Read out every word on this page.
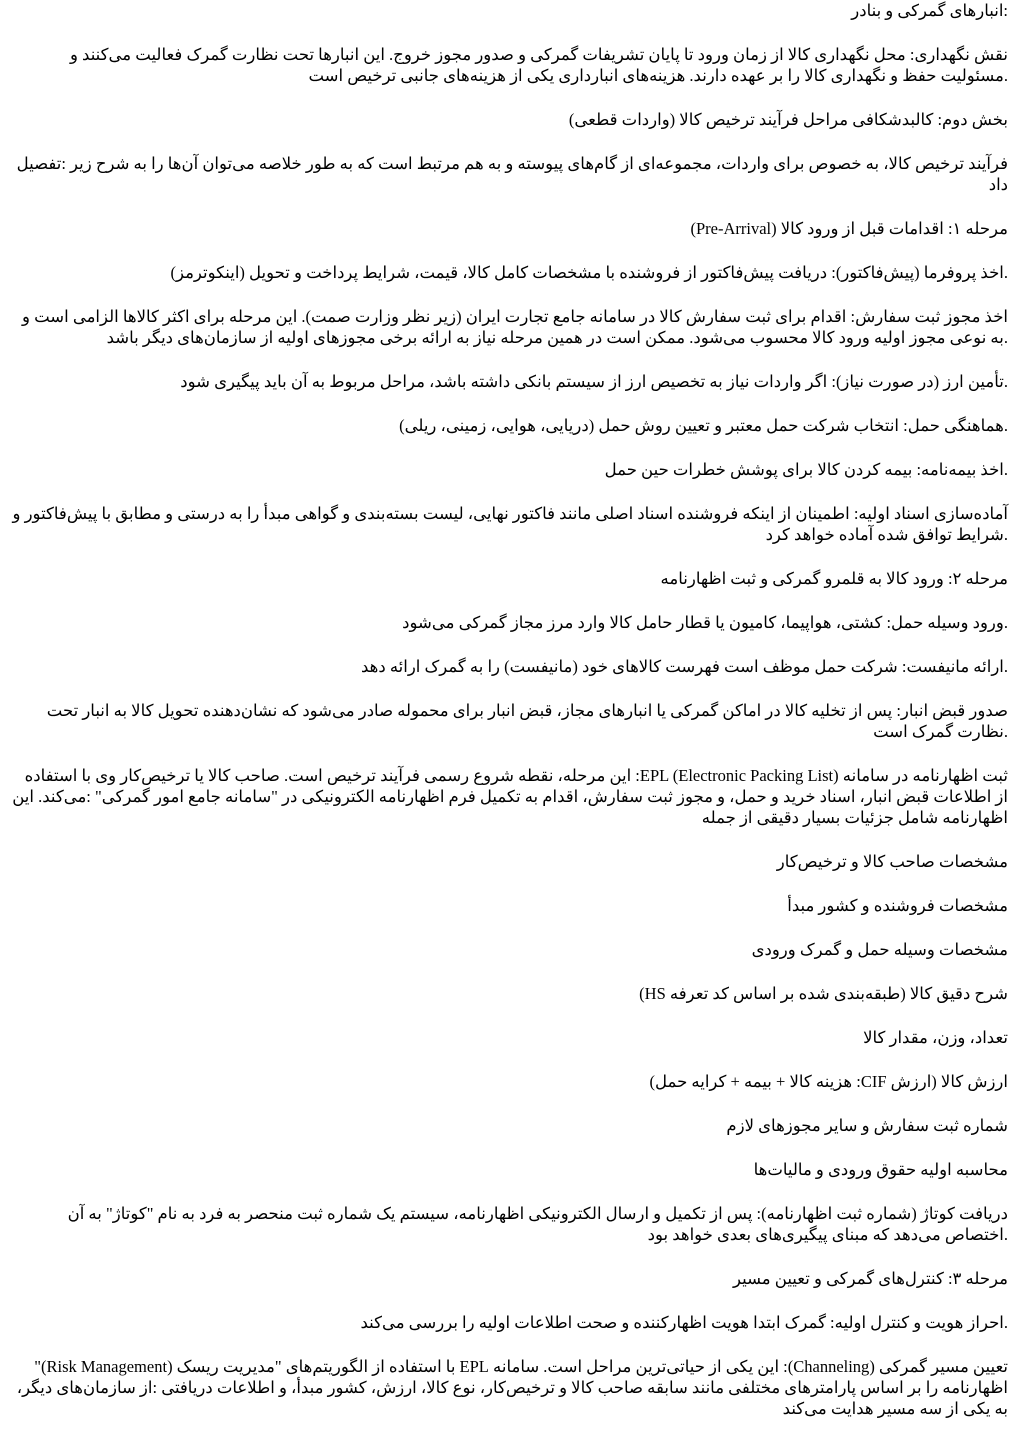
:انبارهای گمرکی و بنادر

نقش نگهداری: محل نگهداری کالا از زمان ورود تا پایان تشریفات گمرکی و صدور مجوز خروج. این انبارها تحت نظارت گمرک فعالیت می‌کنند و .مسئولیت حفظ و نگهداری کالا را بر عهده دارند. هزینه‌های انبارداری یکی از هزینه‌های جانبی ترخیص است

بخش دوم: کالبدشکافی مراحل فرآیند ترخیص کالا (واردات قطعی)

فرآیند ترخیص کالا، به خصوص برای واردات، مجموعه‌ای از گام‌های پیوسته و به هم مرتبط است که به طور خلاصه می‌توان آن‌ها را به شرح زیر :تفصیل داد

مرحله ۱: اقدامات قبل از ورود کالا (Pre-Arrival)

.اخذ پروفرما (پیش‌فاکتور): دریافت پیش‌فاکتور از فروشنده با مشخصات کامل کالا، قیمت، شرایط پرداخت و تحویل (اینکوترمز)

اخذ مجوز ثبت سفارش: اقدام برای ثبت سفارش کالا در سامانه جامع تجارت ایران (زیر نظر وزارت صمت). این مرحله برای اکثر کالاها الزامی است و .به نوعی مجوز اولیه ورود کالا محسوب می‌شود. ممکن است در همین مرحله نیاز به ارائه برخی مجوزهای اولیه از سازمان‌های دیگر باشد

.تأمین ارز (در صورت نیاز): اگر واردات نیاز به تخصیص ارز از سیستم بانکی داشته باشد، مراحل مربوط به آن باید پیگیری شود

.هماهنگی حمل: انتخاب شرکت حمل معتبر و تعیین روش حمل (دریایی، هوایی، زمینی، ریلی)

.اخذ بیمه‌نامه: بیمه کردن کالا برای پوشش خطرات حین حمل

آماده‌سازی اسناد اولیه: اطمینان از اینکه فروشنده اسناد اصلی مانند فاکتور نهایی، لیست بسته‌بندی و گواهی مبدأ را به درستی و مطابق با پیش‌فاکتور و .شرایط توافق شده آماده خواهد کرد

مرحله ۲: ورود کالا به قلمرو گمرکی و ثبت اظهارنامه

.ورود وسیله حمل: کشتی، هواپیما، کامیون یا قطار حامل کالا وارد مرز مجاز گمرکی می‌شود

.ارائه مانیفست: شرکت حمل موظف است فهرست کالاهای خود (مانیفست) را به گمرک ارائه دهد

صدور قبض انبار: پس از تخلیه کالا در اماکن گمرکی یا انبارهای مجاز، قبض انبار برای محموله صادر می‌شود که نشان‌دهنده تحویل کالا به انبار تحت .نظارت گمرک است

ثبت اظهارنامه در سامانه EPL (Electronic Packing List): این مرحله، نقطه شروع رسمی فرآیند ترخیص است. صاحب کالا یا ترخیص‌کار وی با استفاده از اطلاعات قبض انبار، اسناد خرید و حمل، و مجوز ثبت سفارش، اقدام به تکمیل فرم اظهارنامه الکترونیکی در "سامانه جامع امور گمرکی" :می‌کند. این اظهارنامه شامل جزئیات بسیار دقیقی از جمله

مشخصات صاحب کالا و ترخیص‌کار

مشخصات فروشنده و کشور مبدأ

مشخصات وسیله حمل و گمرک ورودی

شرح دقیق کالا (طبقه‌بندی شده بر اساس کد تعرفه HS)

تعداد، وزن، مقدار کالا

ارزش کالا (ارزش CIF: هزینه کالا + بیمه + کرایه حمل)

شماره ثبت سفارش و سایر مجوزهای لازم

محاسبه اولیه حقوق ورودی و مالیات‌ها

دریافت کوتاژ (شماره ثبت اظهارنامه): پس از تکمیل و ارسال الکترونیکی اظهارنامه، سیستم یک شماره ثبت منحصر به فرد به نام "کوتاژ" به آن .اختصاص می‌دهد که مبنای پیگیری‌های بعدی خواهد بود

مرحله ۳: کنترل‌های گمرکی و تعیین مسیر

.احراز هویت و کنترل اولیه: گمرک ابتدا هویت اظهارکننده و صحت اطلاعات اولیه را بررسی می‌کند

تعیین مسیر گمرکی (Channeling): این یکی از حیاتی‌ترین مراحل است. سامانه EPL با استفاده از الگوریتم‌های "مدیریت ریسک (Risk Management)" اظهارنامه را بر اساس پارامترهای مختلفی مانند سابقه صاحب کالا و ترخیص‌کار، نوع کالا، ارزش، کشور مبدأ، و اطلاعات دریافتی :از سازمان‌های دیگر، به یکی از سه مسیر هدایت می‌کند
